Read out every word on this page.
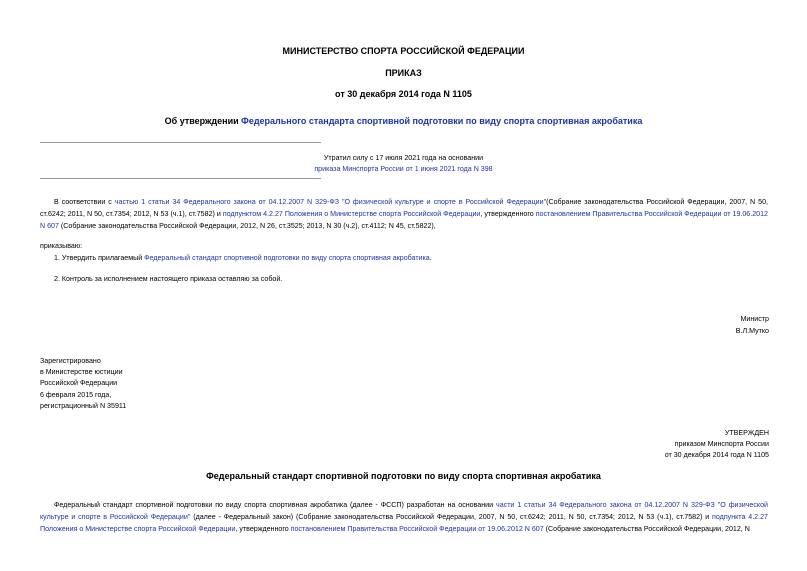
МИНИСТЕРСТВО СПОРТА РОССИЙСКОЙ ФЕДЕРАЦИИ
ПРИКАЗ
от 30 декабря 2014 года N 1105
Об утверждении Федерального стандарта спортивной подготовки по виду спорта спортивная акробатика
Утратил силу с 17 июля 2021 года на основании
приказа Минспорта России от 1 июня 2021 года N 398
В соответствии с частью 1 статьи 34 Федерального закона от 04.12.2007 N 329-ФЗ "О физической культуре и спорте в Российской Федерации"(Собрание законодательства Российской Федерации, 2007, N 50, ст.6242; 2011, N 50, ст.7354; 2012, N 53 (ч.1), ст.7582) и подпунктом 4.2.27 Положения о Министерстве спорта Российской Федерации, утвержденного постановлением Правительства Российской Федерации от 19.06.2012 N 607 (Собрание законодательства Российской Федерации, 2012, N 26, ст.3525; 2013, N 30 (ч.2), ст.4112; N 45, ст.5822),
приказываю:
1. Утвердить прилагаемый Федеральный стандарт спортивной подготовки по виду спорта спортивная акробатика.
2. Контроль за исполнением настоящего приказа оставляю за собой.
Министр
В.Л.Мутко
Зарегистрировано
в Министерстве юстиции
Российской Федерации
6 февраля 2015 года,
регистрационный N 35911
УТВЕРЖДЕН
приказом Минспорта России
от 30 декабря 2014 года N 1105
Федеральный стандарт спортивной подготовки по виду спорта спортивная акробатика
Федеральный стандарт спортивной подготовки по виду спорта спортивная акробатика (далее - ФССП) разработан на основании части 1 статьи 34 Федерального закона от 04.12.2007 N 329-ФЗ "О физической культуре и спорте в Российской Федерации" (далее - Федеральный закон) (Собрание законодательства Российской Федерации, 2007, N 50, ст.6242; 2011, N 50, ст.7354; 2012, N 53 (ч.1), ст.7582) и подпункта 4.2.27 Положения о Министерстве спорта Российской Федерации, утвержденного постановлением Правительства Российской Федерации от 19.06.2012 N 607 (Собрание законодательства Российской Федерации, 2012, N
